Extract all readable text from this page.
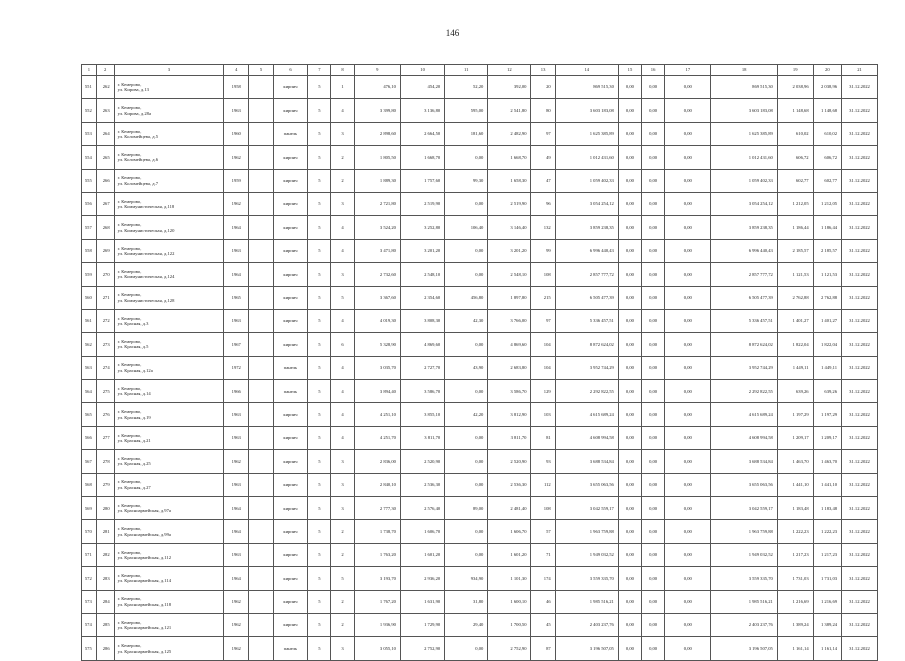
146
1	2	3	4	5	6	7	8	9	10	11	12	13	14	15	16	17	18	19	20	21
551	262	г. Кемерово,
ул. Кирова, д.13	1958		кирпич	5	1	476,10	454,20	52,20	392,00	20	869 515,30	0,00	0,00	0,00	869 515,30	2 038,96	2 038,96	31.12.2022
552	263	г. Кемерово,
ул. Кирова, д.28а	1963		кирпич	5	4	3 399,80	3 136,80	595,00	2 541,80	80	3 603 183,08	0,00	0,00	0,00	3 603 183,08	1 148,68	1 148,68	31.12.2022
553	264	г. Кемерово,
ул. Коломейцева, д.5	1960		панель	5	3	2 898,60	2 664,50	181,60	2 482,90	97	1 625 385,89	0,00	0,00	0,00	1 625 385,89	610,02	610,02	31.12.2022
554	265	г. Кемерово,
ул. Коломейцева, д.6	1962		кирпич	5	2	1 805,50	1 668,70	0,00	1 668,70	49	1 012 431,60	0,00	0,00	0,00	1 012 431,60	606,72	606,72	31.12.2022
555	266	г. Кемерово,
ул. Коломейцева, д.7	1959		кирпич	5	2	1 889,30	1 757,60	99,30	1 658,30	47	1 059 402,33	0,00	0,00	0,00	1 059 402,33	602,77	602,77	31.12.2022
556	267	г. Кемерово,
ул. Коммунистическая, д.118	1962		кирпич	5	3	2 721,80	2 519,90	0,00	2 519,90	96	3 054 254,12	0,00	0,00	0,00	3 054 254,12	1 212,05	1 212,05	31.12.2022
557	268	г. Кемерово,
ул. Коммунистическая, д.120	1964		кирпич	5	4	3 524,20	3 252,80	106,40	3 146,40	132	3 859 238,35	0,00	0,00	0,00	3 859 238,35	1 186,44	1 186,44	31.12.2022
558	269	г. Кемерово,
ул. Коммунистическая, д.122	1963		кирпич	5	4	3 471,80	3 201,20	0,00	3 201,20	99	6 996 440,43	0,00	0,00	0,00	6 996 440,43	2 185,57	2 185,57	31.12.2022
559	270	г. Кемерово,
ул. Коммунистическая, д.124	1964		кирпич	5	3	2 732,60	2 548,10	0,00	2 548,10	108	2 857 777,72	0,00	0,00	0,00	2 857 777,72	1 121,53	1 121,53	31.12.2022
560	271	г. Кемерово,
ул. Коммунистическая, д.128	1965		кирпич	5	5	3 367,60	2 354,60	456,80	1 897,80	215	6 505 477,39	0,00	0,00	0,00	6 505 477,39	2 762,88	2 762,88	31.12.2022
561	272	г. Кемерово,
ул. Красная, д.3	1963		кирпич	5	4	4 019,30	3 808,30	42,30	3 766,00	97	5 336 457,51	0,00	0,00	0,00	5 336 457,51	1 401,27	1 401,27	31.12.2022
562	273	г. Кемерово,
ул. Красная, д.5	1967		кирпич	5	6	5 328,90	4 869,60	0,00	4 869,60	104	8 872 624,02	0,00	0,00	0,00	8 872 624,02	1 822,04	1 822,04	31.12.2022
563	274	г. Кемерово,
ул. Красная, д.12а	1972		панель	5	4	3 035,70	2 727,70	43,90	2 683,80	104	3 952 744,29	0,00	0,00	0,00	3 952 744,29	1 449,11	1 449,11	31.12.2022
564	275	г. Кемерово,
ул. Красная, д.14	1966		панель	5	4	3 894,40	3 586,70	0,00	3 586,70	129	2 292 822,55	0,00	0,00	0,00	2 292 822,55	639,26	639,26	31.12.2022
565	276	г. Кемерово,
ул. Красная, д.19	1963		кирпич	5	4	4 251,10	3 855,10	42,20	3 812,90	103	4 615 689,24	0,00	0,00	0,00	4 615 689,24	1 197,29	1 197,29	31.12.2022
566	277	г. Кемерово,
ул. Красная, д.21	1963		кирпич	5	4	4 251,70	3 811,70	0,00	3 811,70	81	4 608 994,58	0,00	0,00	0,00	4 608 994,58	1 209,17	1 209,17	31.12.2022
567	278	г. Кемерово,
ул. Красная, д.25	1962		кирпич	5	3	2 836,00	2 520,90	0,00	2 520,90	93	3 688 534,84	0,00	0,00	0,00	3 688 534,84	1 463,70	1 463,70	31.12.2022
568	279	г. Кемерово,
ул. Красная, д.27	1963		кирпич	5	3	2 840,10	2 536,30	0,00	2 536,30	112	3 655 063,56	0,00	0,00	0,00	3 655 063,56	1 441,10	1 441,10	31.12.2022
569	280	г. Кемерово,
ул. Красноармейская, д.97а	1964		кирпич	5	3	2 777,30	2 576,40	89,00	2 481,40	108	3 042 559,17	0,00	0,00	0,00	3 042 559,17	1 183,48	1 183,48	31.12.2022
570	281	г. Кемерово,
ул. Красноармейская, д.99а	1964		кирпич	5	2	1 738,70	1 606,70	0,00	1 606,70	57	1 963 759,88	0,00	0,00	0,00	1 963 759,88	1 222,23	1 222,23	31.12.2022
571	282	г. Кемерово,
ул. Красноармейская, д.112	1963		кирпич	5	2	1 763,20	1 601,20	0,00	1 601,20	71	1 949 032,52	0,00	0,00	0,00	1 949 032,52	1 217,23	1 217,23	31.12.2022
572	283	г. Кемерово,
ул. Красноармейская, д.114	1964		кирпич	5	5	3 193,70	2 936,20	934,90	1 101,30	174	3 559 335,70	0,00	0,00	0,00	3 559 335,70	1 731,03	1 731,03	31.12.2022
573	284	г. Кемерово,
ул. Красноармейская, д.118	1962		кирпич	5	2	1 767,20	1 631,90	31,80	1 600,10	46	1 985 516,21	0,00	0,00	0,00	1 985 516,21	1 216,69	1 216,69	31.12.2022
574	285	г. Кемерово,
ул. Красноармейская, д.121	1962		кирпич	5	2	1 936,90	1 729,90	29,40	1 700,50	45	2 403 237,76	0,00	0,00	0,00	2 403 237,76	1 389,24	1 389,24	31.12.2022
575	286	г. Кемерово,
ул. Красноармейская, д.125	1962		панель	5	3	3 055,10	2 752,90	0,00	2 752,90	87	3 196 507,05	0,00	0,00	0,00	3 196 507,05	1 161,14	1 161,14	31.12.2022
